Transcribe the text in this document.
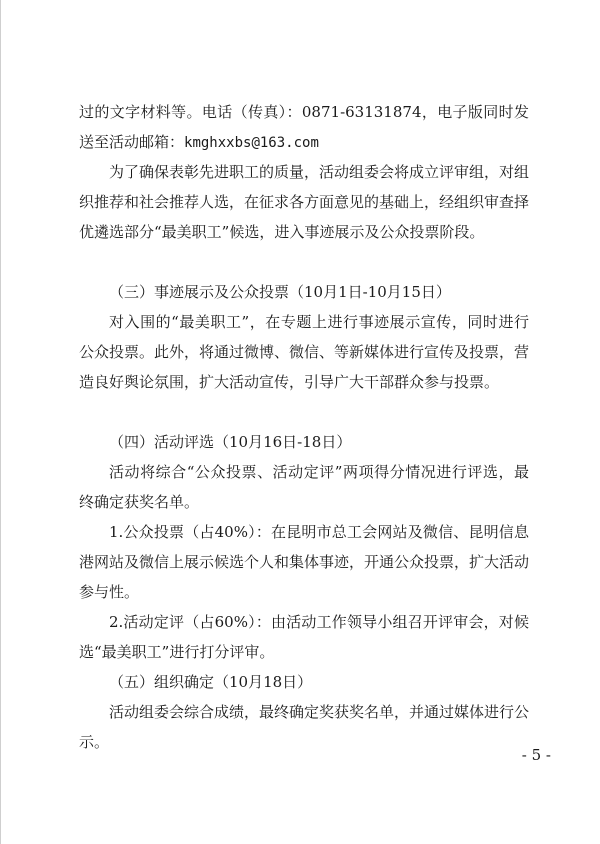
过的文字材料等。电话（传真）：0871-63131874，电子版同时发送至活动邮箱：kmghxxbs@163.com

为了确保表彰先进职工的质量，活动组委会将成立评审组，对组织推荐和社会推荐人选，在征求各方面意见的基础上，经组织审查择优遴选部分“最美职工”候选，进入事迹展示及公众投票阶段。

（三）事迹展示及公众投票（10月1日-10月15日）

对入围的“最美职工”，在专题上进行事迹展示宣传，同时进行公众投票。此外，将通过微博、微信、等新媒体进行宣传及投票，营造良好舆论氛围，扩大活动宣传，引导广大干部群众参与投票。

（四）活动评选（10月16日-18日）

活动将综合“公众投票、活动定评”两项得分情况进行评选，最终确定获奖名单。

1.公众投票（占40%）：在昆明市总工会网站及微信、昆明信息港网站及微信上展示候选个人和集体事迹，开通公众投票，扩大活动参与性。

2.活动定评（占60%）：由活动工作领导小组召开评审会，对候选“最美职工”进行打分评审。

（五）组织确定（10月18日）

活动组委会综合成绩，最终确定奖获奖名单，并通过媒体进行公示。

- 5 -
